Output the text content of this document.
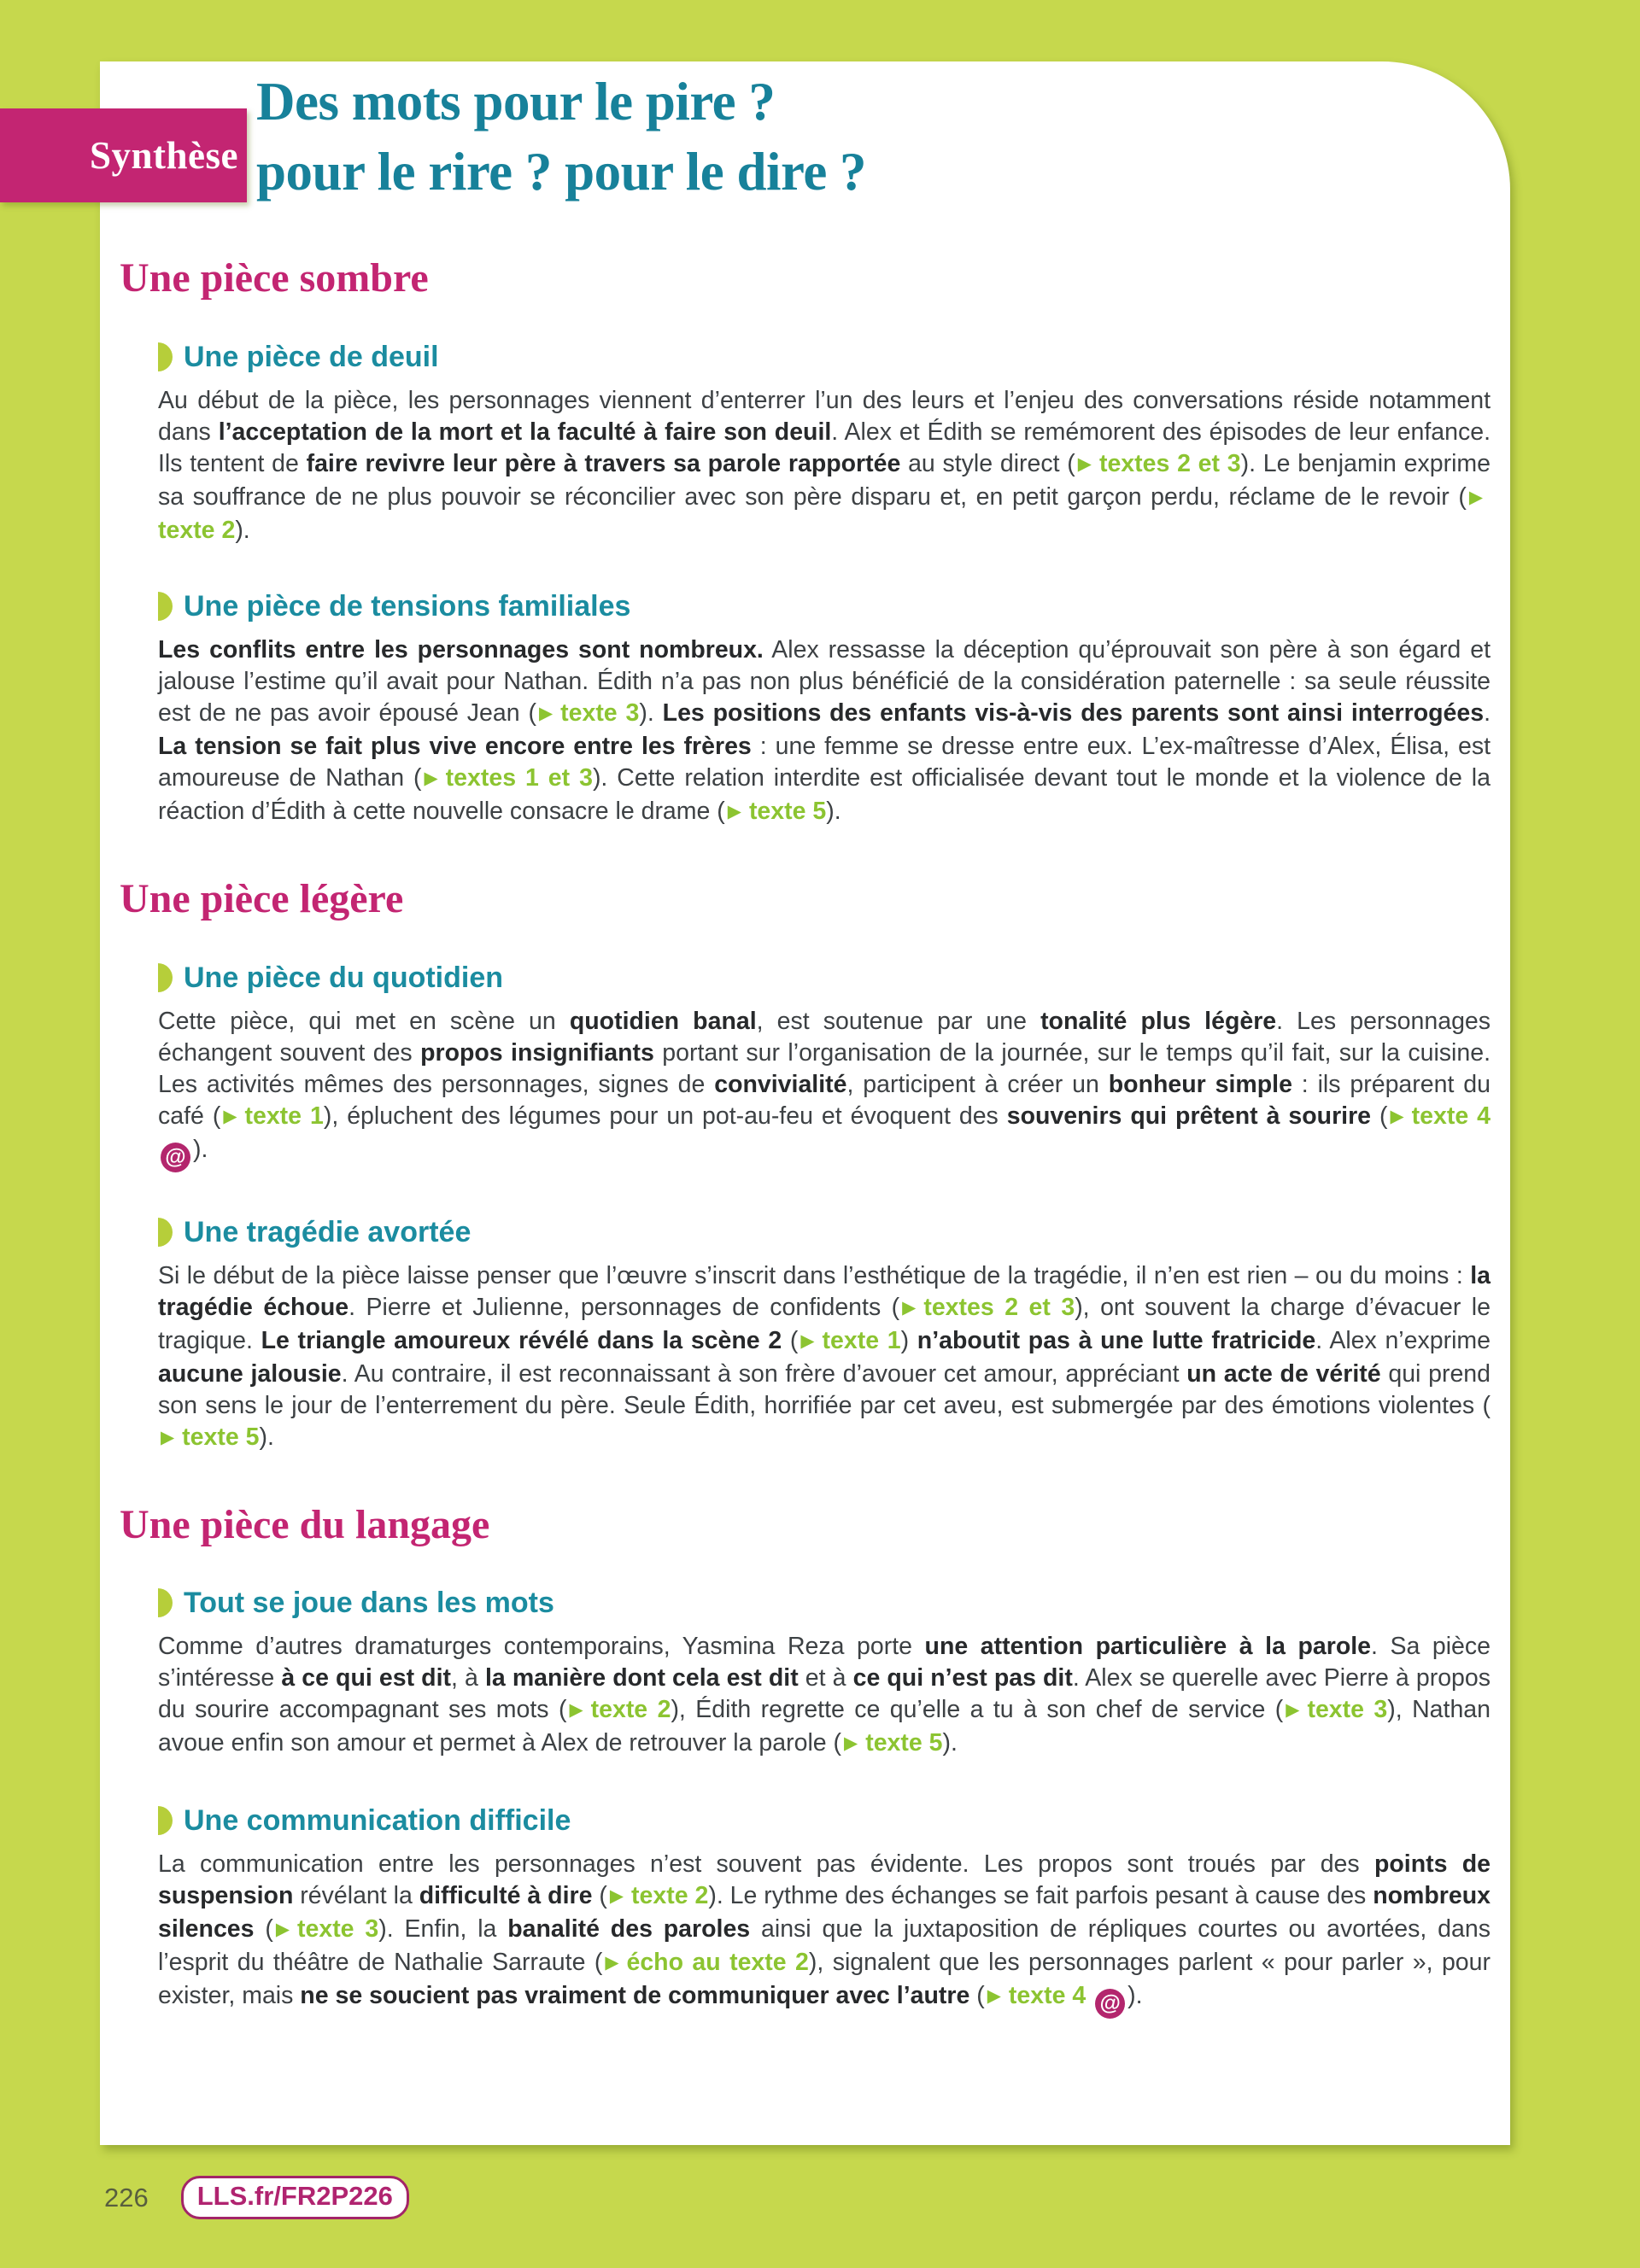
Synthèse
Des mots pour le pire ?
pour le rire ? pour le dire ?
Une pièce sombre
Une pièce de deuil

Au début de la pièce, les personnages viennent d’enterrer l’un des leurs et l’enjeu des conversations réside notamment dans l’acceptation de la mort et la faculté à faire son deuil. Alex et Édith se remémorent des épisodes de leur enfance. Ils tentent de faire revivre leur père à travers sa parole rapportée au style direct ( ▶ textes 2 et 3). Le benjamin exprime sa souffrance de ne plus pouvoir se réconcilier avec son père disparu et, en petit garçon perdu, réclame de le revoir ( ▶texte 2).

Une pièce de tensions familiales

Les conflits entre les personnages sont nombreux. Alex ressasse la déception qu’éprouvait son père à son égard et jalouse l’estime qu’il avait pour Nathan. Édith n’a pas non plus bénéficié de la considération paternelle : sa seule réussite est de ne pas avoir épousé Jean ( ▶ texte 3). Les positions des enfants vis-à-vis des parents sont ainsi interrogées. La tension se fait plus vive encore entre les frères : une femme se dresse entre eux. L’ex-maîtresse d’Alex, Élisa, est amoureuse de Nathan ( ▶ textes 1 et 3). Cette relation interdite est officialisée devant tout le monde et la violence de la réaction d’Édith à cette nouvelle consacre le drame ( ▶ texte 5).

Une pièce légère
Une pièce du quotidien

Cette pièce, qui met en scène un quotidien banal, est soutenue par une tonalité plus légère. Les personnages échangent souvent des propos insignifiants portant sur l’organisation de la journée, sur le temps qu’il fait, sur la cuisine. Les activités mêmes des personnages, signes de convivialité, participent à créer un bonheur simple : ils préparent du café ( ▶ texte 1), épluchent des légumes pour un pot-au-feu et évoquent des souvenirs qui prêtent à sourire ( ▶ texte 4 @ ).

Une tragédie avortée

Si le début de la pièce laisse penser que l’œuvre s’inscrit dans l’esthétique de la tragédie, il n’en est rien – ou du moins : la tragédie échoue. Pierre et Julienne, personnages de confidents ( ▶ textes 2 et 3), ont souvent la charge d’évacuer le tragique. Le triangle amoureux révélé dans la scène 2 ( ▶ texte 1) n’aboutit pas à une lutte fratricide. Alex n’exprime aucune jalousie. Au contraire, il est reconnaissant à son frère d’avouer cet amour, appréciant un acte de vérité qui prend son sens le jour de l’enterrement du père. Seule Édith, horrifiée par cet aveu, est submergée par des émotions violentes (▶ texte 5).

Une pièce du langage
Tout se joue dans les mots

Comme d’autres dramaturges contemporains, Yasmina Reza porte une attention particulière à la parole. Sa pièce s’intéresse à ce qui est dit, à la manière dont cela est dit et à ce qui n’est pas dit. Alex se querelle avec Pierre à propos du sourire accompagnant ses mots ( ▶ texte 2), Édith regrette ce qu’elle a tu à son chef de service ( ▶ texte 3), Nathan avoue enfin son amour et permet à Alex de retrouver la parole ( ▶ texte 5).

Une communication difficile

La communication entre les personnages n’est souvent pas évidente. Les propos sont troués par des points de suspension révélant la difficulté à dire ( ▶ texte 2). Le rythme des échanges se fait parfois pesant à cause des nombreux silences ( ▶ texte 3). Enfin, la banalité des paroles ainsi que la juxtaposition de répliques courtes ou avortées, dans l’esprit du théâtre de Nathalie Sarraute ( ▶ écho au texte 2), signalent que les personnages parlent « pour parler », pour exister, mais ne se soucient pas vraiment de communiquer avec l’autre ( ▶ texte 4 @ ).

226	LLS.fr/FR2P226
